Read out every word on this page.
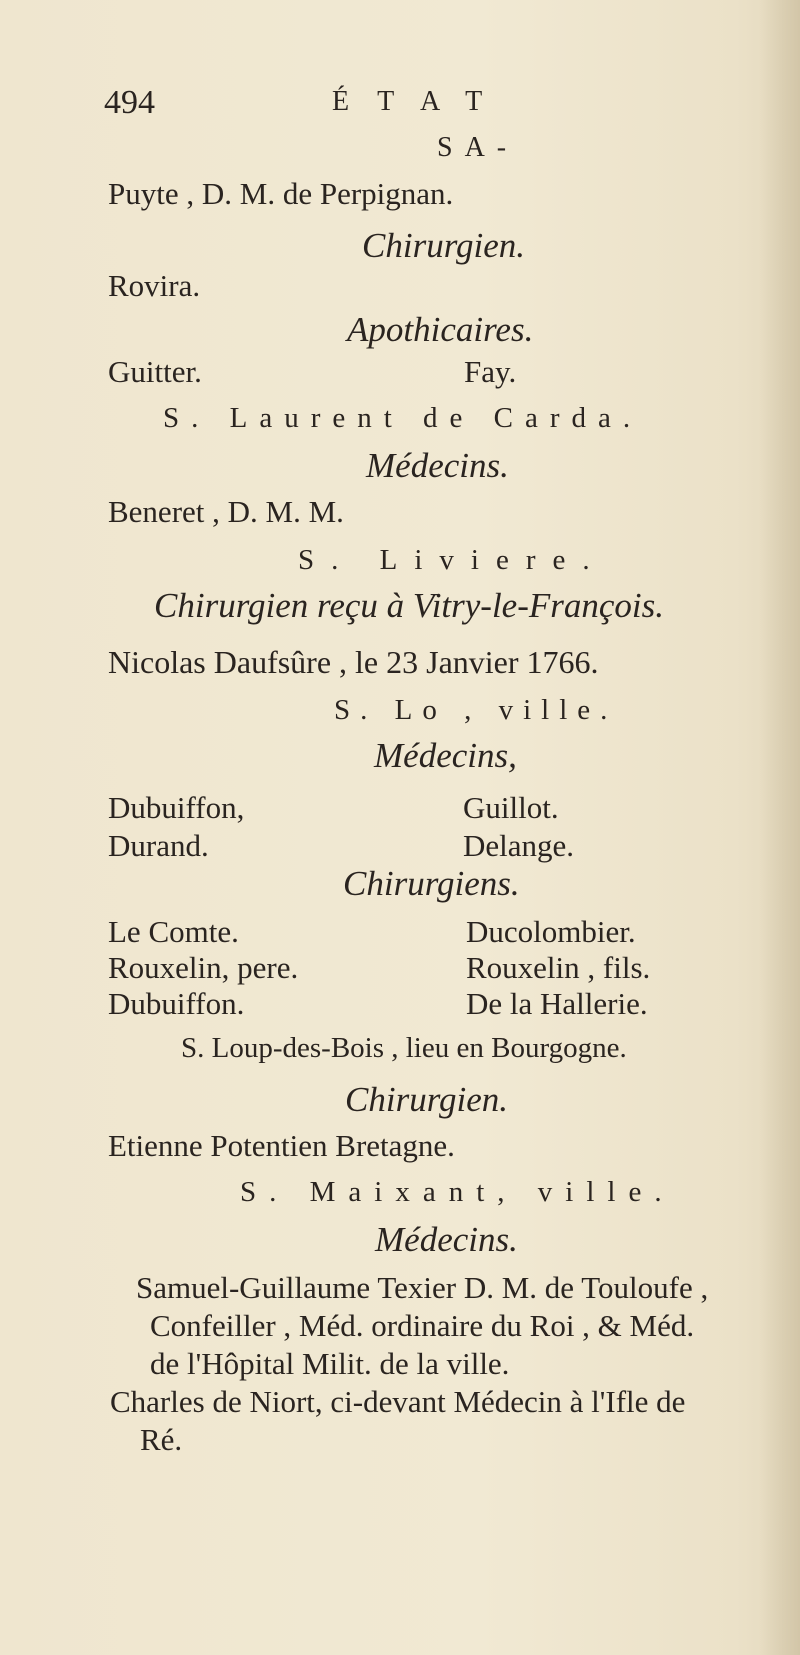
494	ÉTAT
SA-
Puyte , D. M. de Perpignan.
Chirurgien.
Rovira.
Apothicaires.
Guitter.	Fay.
S. Laurent de Carda.
Médecins.
Beneret , D. M. M.
S. Liviere.
Chirurgien reçu à Vitry-le-François.
Nicolas Daufsûre , le 23 Janvier 1766.
S. Lo , ville.
Médecins,
Dubuiffon,	Guillot.
Durand.	Delange.
Chirurgiens.
Le Comte.	Ducolombier.
Rouxelin, pere.	Rouxelin , fils.
Dubuiffon.	De la Hallerie.
S. Loup-des-Bois , lieu en Bourgogne.
Chirurgien.
Etienne Potentien Bretagne.
S. Maixant, ville.
Médecins.
Samuel-Guillaume Texier D. M. de Touloufe ,
Confeiller , Méd. ordinaire du Roi , & Méd.
de l'Hôpital Milit. de la ville.
Charles de Niort, ci-devant Médecin à l'Ifle de
Ré.
